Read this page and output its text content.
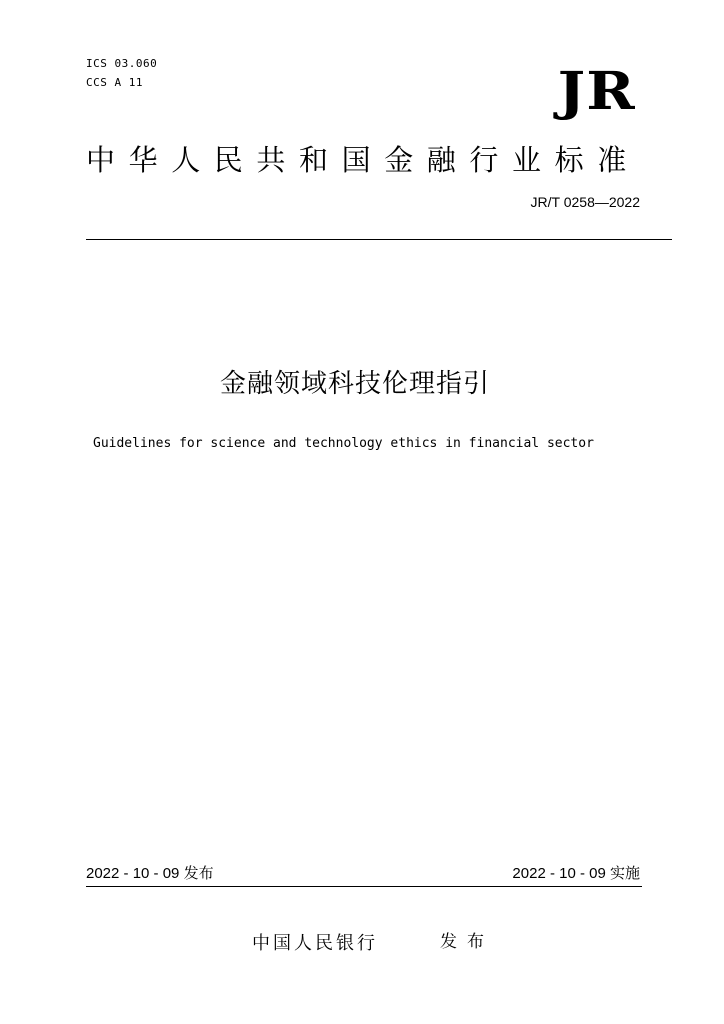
ICS 03.060
CCS A 11	JR
中华人民共和国金融行业标准
JR/T 0258—2022
金融领域科技伦理指引
Guidelines for science and technology ethics in financial sector
2022 - 10 - 09 发布	2022 - 10 - 09 实施
中国人民银行	发布
